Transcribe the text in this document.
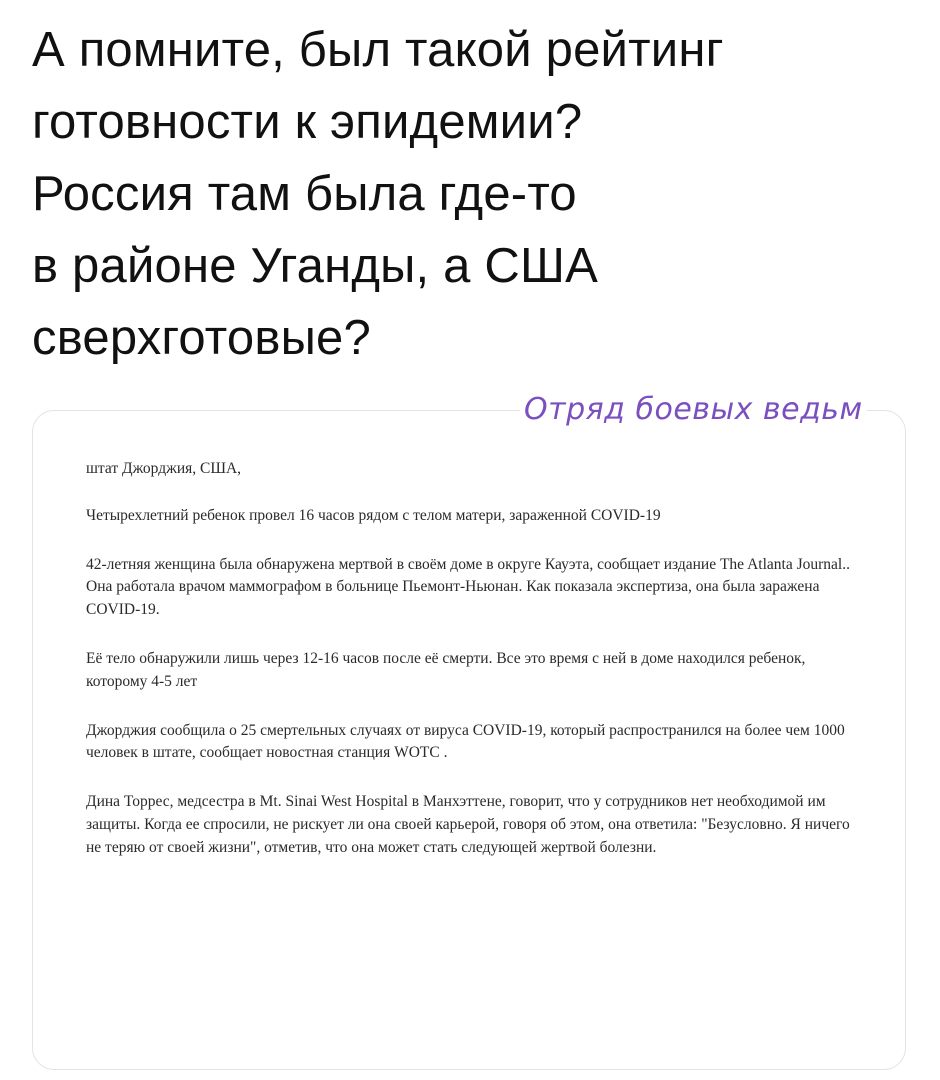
А помните, был такой рейтинг
готовности к эпидемии?
Россия там была где-то
в районе Уганды, а США
сверхготовые?
Отряд боевых ведьм

штат Джорджия, США,

Четырехлетний ребенок провел 16 часов рядом с телом матери, зараженной COVID-19

42-летняя женщина была обнаружена мертвой в своём доме в округе Кауэта, сообщает издание The Atlanta Journal.. Она работала врачом маммографом в больнице Пьемонт-Ньюнан. Как показала экспертиза, она была заражена COVID-19.

Её тело обнаружили лишь через 12-16 часов после её смерти. Все это время с ней в доме находился ребенок, которому 4-5 лет

Джорджия сообщила о 25 смертельных случаях от вируса COVID-19, который распространился на более чем 1000 человек в штате, сообщает новостная станция WOTC .

Дина Торрес, медсестра в Mt. Sinai West Hospital в Манхэттене, говорит, что у сотрудников нет необходимой им защиты. Когда ее спросили, не рискует ли она своей карьерой, говоря об этом, она ответила: "Безусловно. Я ничего не теряю от своей жизни", отметив, что она может стать следующей жертвой болезни.
